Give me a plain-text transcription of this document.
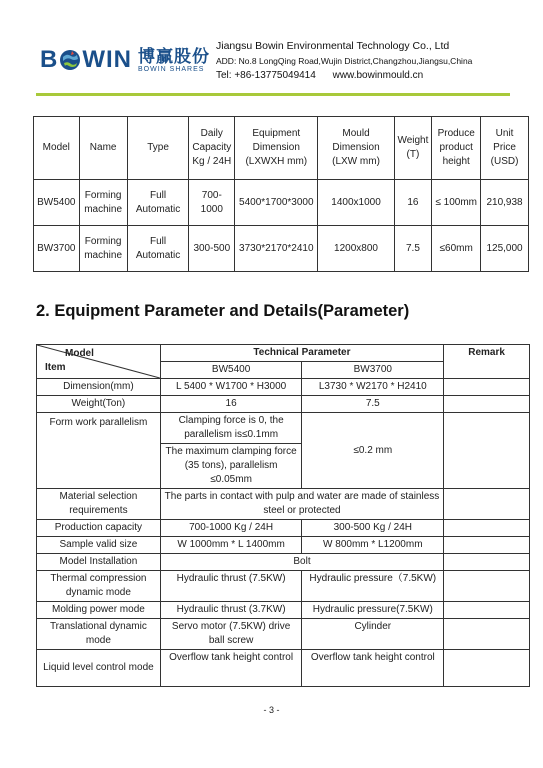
B WIN 博赢股份
BOWIN SHARES
Jiangsu Bowin Environmental Technology Co., Ltd
ADD: No.8 LongQing Road,Wujin District,Changzhou,Jiangsu,China
Tel: +86-13775049414 www.bowinmould.cn
Model	Name	Type	Daily Capacity Kg / 24H	Equipment Dimension (LXWXH mm)	Mould Dimension (LXW mm)	Weight (T)	Produce product height	Unit Price (USD)
BW5400	Forming machine	Full Automatic	700-1000	5400*1700*3000	1400x1000	16	≤ 100mm	210,938
BW3700	Forming machine	Full Automatic	300-500	3730*2170*2410	1200x800	7.5	≤60mm	125,000
2. Equipment Parameter and Details(Parameter)
Model
Item	Technical Parameter		Remark
	BW5400	BW3700	
Dimension(mm)	L 5400 * W1700 * H3000	L3730 * W2170 * H2410	
Weight(Ton)	16	7.5	
Form work parallelism	Clamping force is 0, the parallelism is≤0.1mm	≤0.2 mm	
	The maximum clamping force (35 tons), parallelism ≤0.05mm		
Material selection requirements	The parts in contact with pulp and water are made of stainless steel or protected		
Production capacity	700-1000 Kg / 24H	300-500 Kg / 24H	
Sample valid size	W 1000mm * L 1400mm	W 800mm * L1200mm	
Model Installation	Bolt		
Thermal compression dynamic mode	Hydraulic thrust (7.5KW)	Hydraulic pressure（7.5KW)	
Molding power mode	Hydraulic thrust (3.7KW)	Hydraulic pressure(7.5KW)	
Translational dynamic mode	Servo motor (7.5KW) drive ball screw	Cylinder	
Liquid level control mode	Overflow tank height control	Overflow tank height control	
- 3 -
